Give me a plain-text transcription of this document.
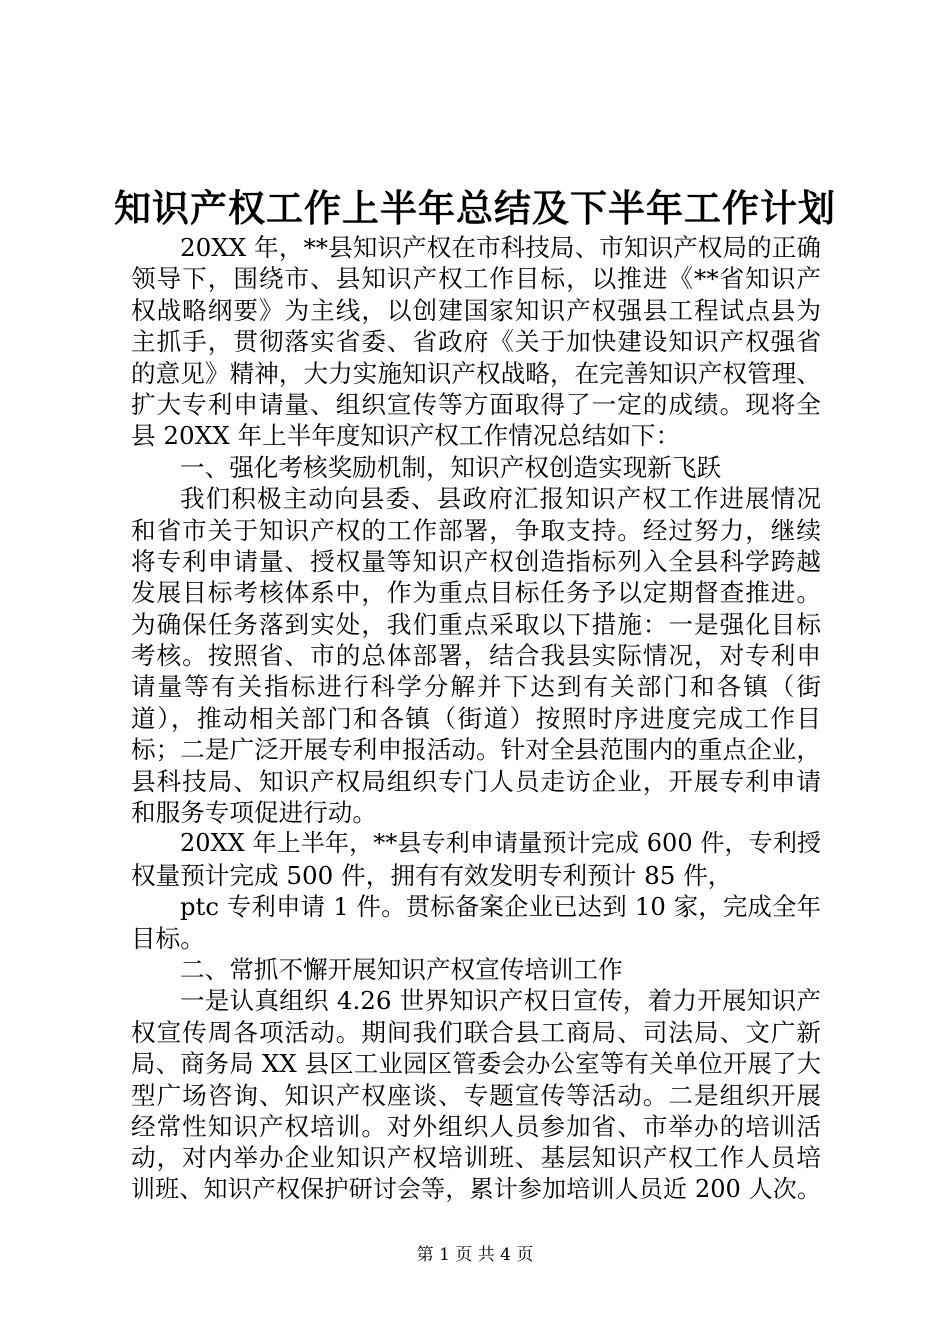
知识产权工作上半年总结及下半年工作计划
20XX 年，**县知识产权在市科技局、市知识产权局的正确
领导下，围绕市、县知识产权工作目标，以推进《**省知识产
权战略纲要》为主线，以创建国家知识产权强县工程试点县为
主抓手，贯彻落实省委、省政府《关于加快建设知识产权强省
的意见》精神，大力实施知识产权战略，在完善知识产权管理、
扩大专利申请量、组织宣传等方面取得了一定的成绩。现将全
县 20XX 年上半年度知识产权工作情况总结如下：
一、强化考核奖励机制，知识产权创造实现新飞跃
我们积极主动向县委、县政府汇报知识产权工作进展情况
和省市关于知识产权的工作部署，争取支持。经过努力，继续
将专利申请量、授权量等知识产权创造指标列入全县科学跨越
发展目标考核体系中，作为重点目标任务予以定期督查推进。
为确保任务落到实处，我们重点采取以下措施：一是强化目标
考核。按照省、市的总体部署，结合我县实际情况，对专利申
请量等有关指标进行科学分解并下达到有关部门和各镇（街
道），推动相关部门和各镇（街道）按照时序进度完成工作目
标；二是广泛开展专利申报活动。针对全县范围内的重点企业，
县科技局、知识产权局组织专门人员走访企业，开展专利申请
和服务专项促进行动。
20XX 年上半年，**县专利申请量预计完成 600 件，专利授
权量预计完成 500 件，拥有有效发明专利预计 85 件，
ptc 专利申请 1 件。贯标备案企业已达到 10 家，完成全年
目标。
二、常抓不懈开展知识产权宣传培训工作
一是认真组织 4.26 世界知识产权日宣传，着力开展知识产
权宣传周各项活动。期间我们联合县工商局、司法局、文广新
局、商务局 XX 县区工业园区管委会办公室等有关单位开展了大
型广场咨询、知识产权座谈、专题宣传等活动。二是组织开展
经常性知识产权培训。对外组织人员参加省、市举办的培训活
动，对内举办企业知识产权培训班、基层知识产权工作人员培
训班、知识产权保护研讨会等，累计参加培训人员近 200 人次。
第 1 页 共 4 页
